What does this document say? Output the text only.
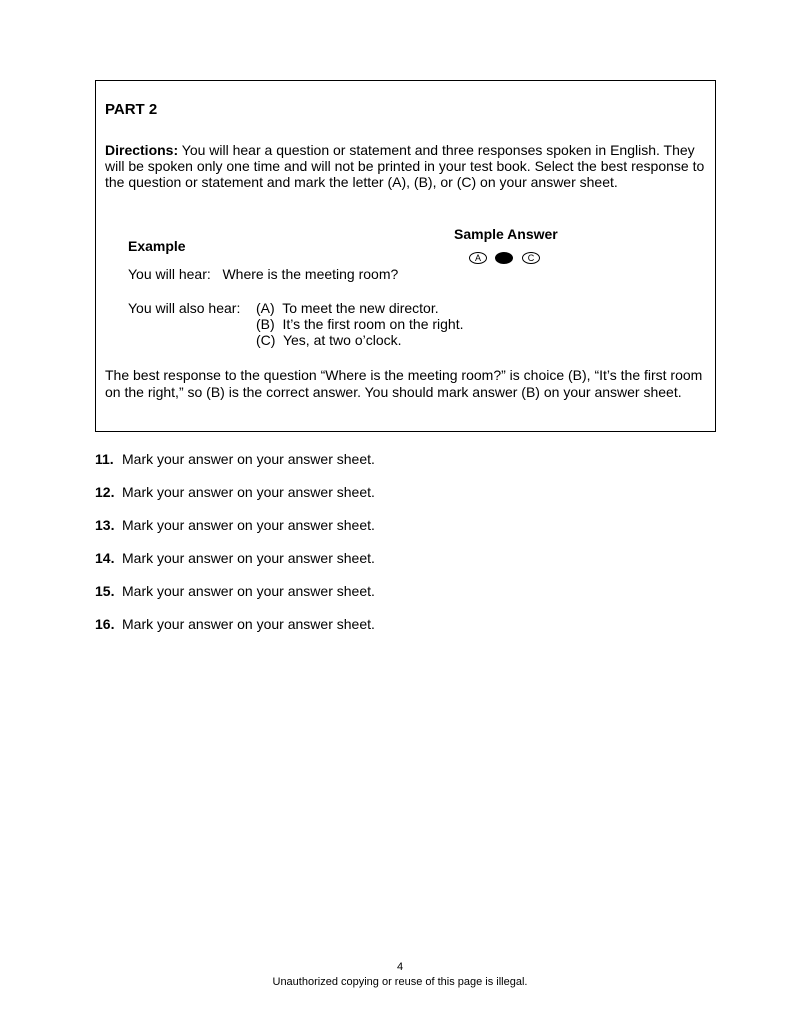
PART 2
Directions: You will hear a question or statement and three responses spoken in English. They will be spoken only one time and will not be printed in your test book. Select the best response to the question or statement and mark the letter (A), (B), or (C) on your answer sheet.
Sample Answer
A	C
Example
You will hear: Where is the meeting room?
You will also hear: (A) To meet the new director.
(B) It’s the first room on the right.
(C) Yes, at two o’clock.
The best response to the question “Where is the meeting room?” is choice (B), “It’s the first room on the right,” so (B) is the correct answer. You should mark answer (B) on your answer sheet.
11. Mark your answer on your answer sheet.
12. Mark your answer on your answer sheet.
13. Mark your answer on your answer sheet.
14. Mark your answer on your answer sheet.
15. Mark your answer on your answer sheet.
16. Mark your answer on your answer sheet.
4
Unauthorized copying or reuse of this page is illegal.
